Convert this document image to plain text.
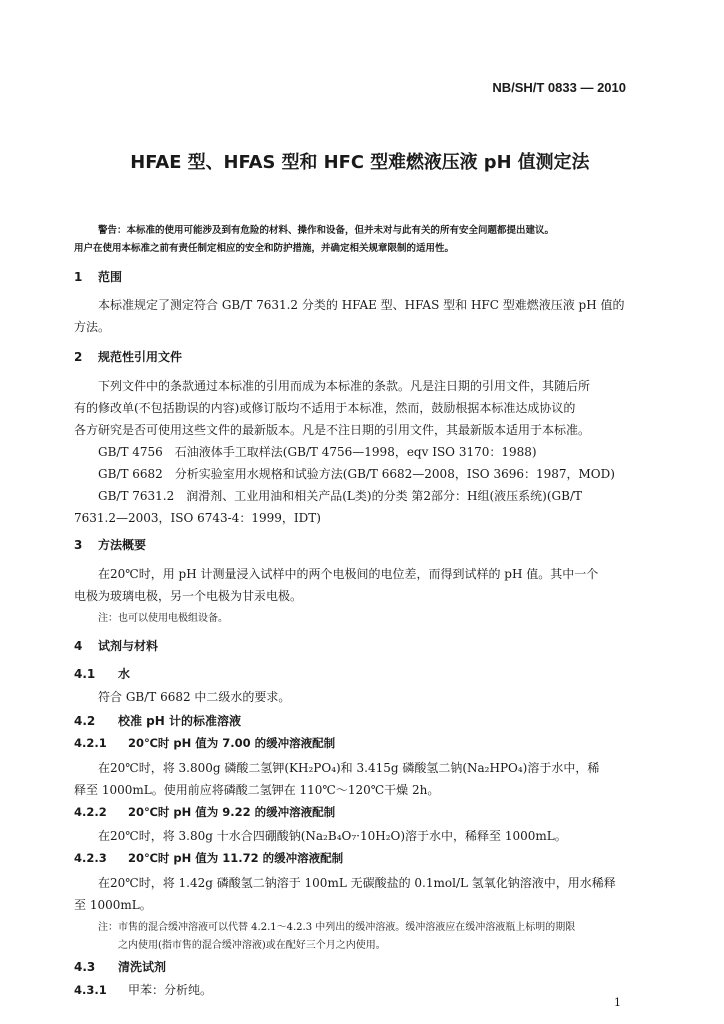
NB/SH/T 0833 — 2010
HFAE 型、HFAS 型和 HFC 型难燃液压液 pH 值测定法
警告：本标准的使用可能涉及到有危险的材料、操作和设备，但并未对与此有关的所有安全问题都提出建议。
用户在使用本标准之前有责任制定相应的安全和防护措施，并确定相关规章限制的适用性。
1 范围
本标准规定了测定符合 GB/T 7631.2 分类的 HFAE 型、HFAS 型和 HFC 型难燃液压液 pH 值的
方法。
2 规范性引用文件
下列文件中的条款通过本标准的引用而成为本标准的条款。凡是注日期的引用文件，其随后所
有的修改单(不包括勘误的内容)或修订版均不适用于本标准，然而，鼓励根据本标准达成协议的
各方研究是否可使用这些文件的最新版本。凡是不注日期的引用文件，其最新版本适用于本标准。
GB/T 4756　石油液体手工取样法(GB/T 4756—1998，eqv ISO 3170：1988)
GB/T 6682　分析实验室用水规格和试验方法(GB/T 6682—2008，ISO 3696：1987，MOD)
GB/T 7631.2　润滑剂、工业用油和相关产品(L类)的分类 第2部分：H组(液压系统)(GB/T
7631.2—2003，ISO 6743-4：1999，IDT)
3 方法概要
在20℃时，用 pH 计测量浸入试样中的两个电极间的电位差，而得到试样的 pH 值。其中一个
电极为玻璃电极，另一个电极为甘汞电极。
注：也可以使用电极组设备。
4 试剂与材料
4.1 水
符合 GB/T 6682 中二级水的要求。
4.2 校准 pH 计的标准溶液
4.2.1 20℃时 pH 值为 7.00 的缓冲溶液配制
在20℃时，将 3.800g 磷酸二氢钾(KH₂PO₄)和 3.415g 磷酸氢二钠(Na₂HPO₄)溶于水中，稀
释至 1000mL。使用前应将磷酸二氢钾在 110℃～120℃干燥 2h。
4.2.2 20℃时 pH 值为 9.22 的缓冲溶液配制
在20℃时，将 3.80g 十水合四硼酸钠(Na₂B₄O₇·10H₂O)溶于水中，稀释至 1000mL。
4.2.3 20℃时 pH 值为 11.72 的缓冲溶液配制
在20℃时，将 1.42g 磷酸氢二钠溶于 100mL 无碳酸盐的 0.1mol/L 氢氧化钠溶液中，用水稀释
至 1000mL。
注：市售的混合缓冲溶液可以代替 4.2.1～4.2.3 中列出的缓冲溶液。缓冲溶液应在缓冲溶液瓶上标明的期限
之内使用(指市售的混合缓冲溶液)或在配好三个月之内使用。
4.3 清洗试剂
4.3.1 甲苯：分析纯。
1
